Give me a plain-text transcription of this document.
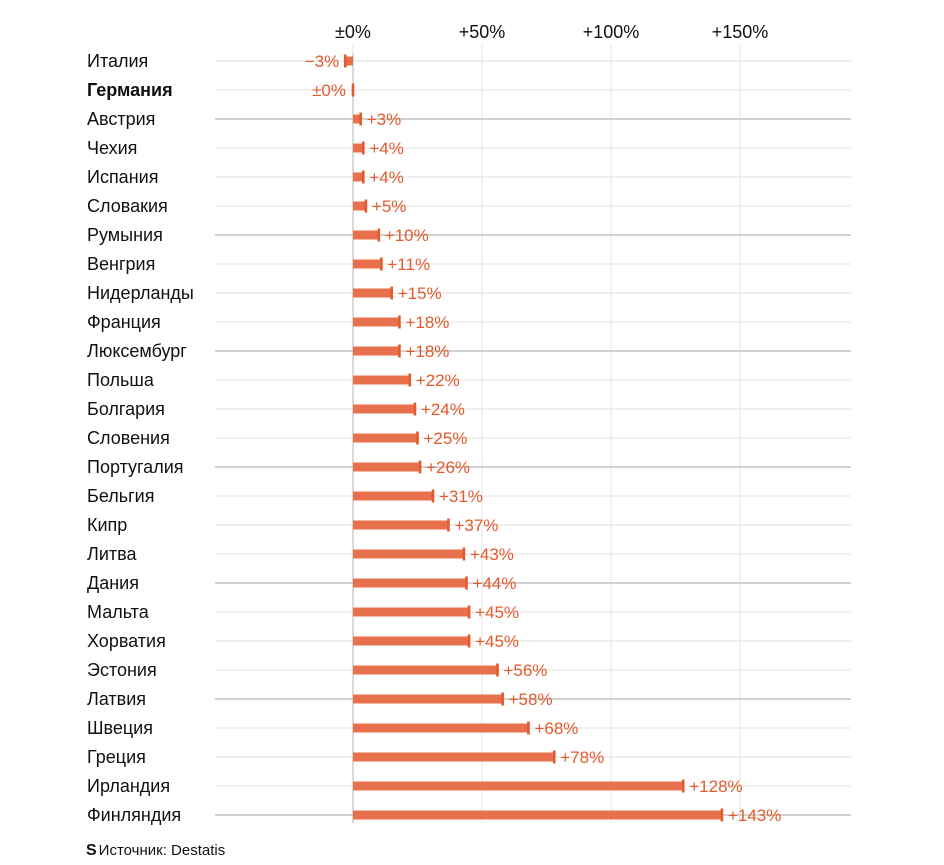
±0%	+50%	+100%	+150%
Италия	−3%
Германия	±0%
Австрия	+3%
Чехия	+4%
Испания	+4%
Словакия	+5%
Румыния	+10%
Венгрия	+11%
Нидерланды	+15%
Франция	+18%
Люксембург	+18%
Польша	+22%
Болгария	+24%
Словения	+25%
Португалия	+26%
Бельгия	+31%
Кипр	+37%
Литва	+43%
Дания	+44%
Мальта	+45%
Хорватия	+45%
Эстония	+56%
Латвия	+58%
Швеция	+68%
Греция	+78%
Ирландия	+128%
Финляндия	+143%
S Источник: Destatis
